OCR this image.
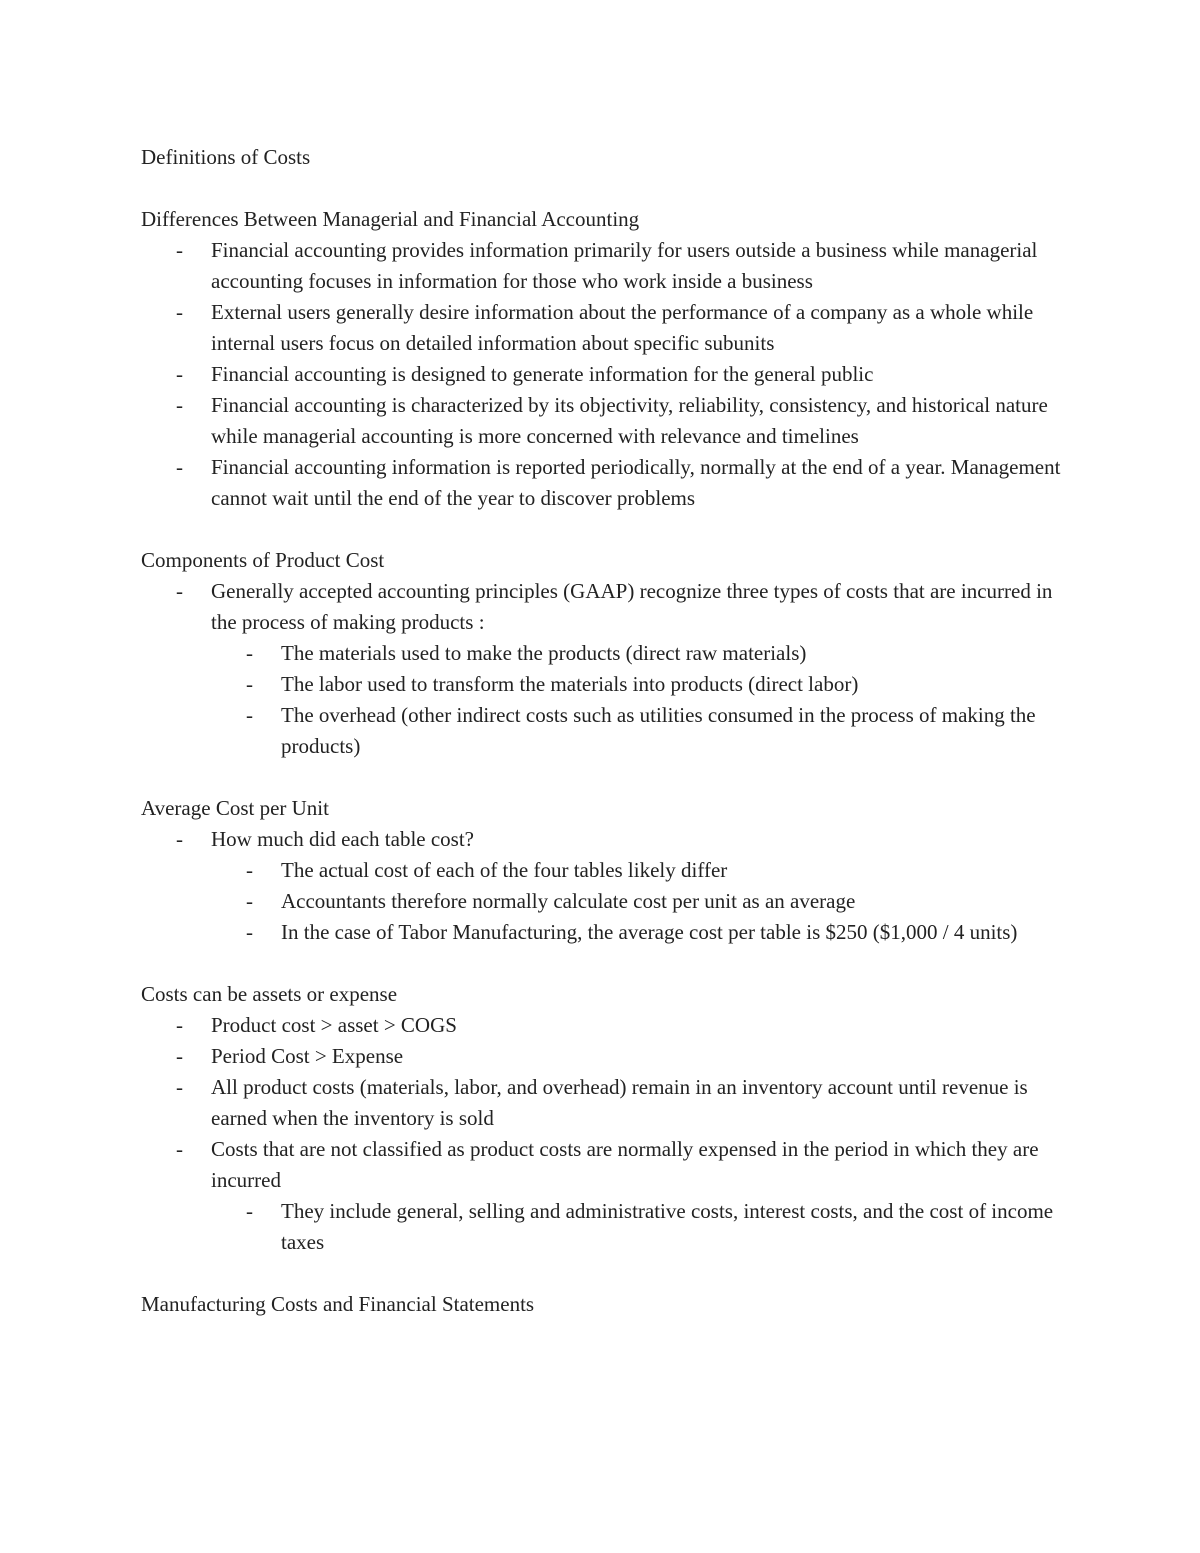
Definitions of Costs
Differences Between Managerial and Financial Accounting
- Financial accounting provides information primarily for users outside a business while managerial accounting focuses in information for those who work inside a business
- External users generally desire information about the performance of a company as a whole while internal users focus on detailed information about specific subunits
- Financial accounting is designed to generate information for the general public
- Financial accounting is characterized by its objectivity, reliability, consistency, and historical nature while managerial accounting is more concerned with relevance and timelines
- Financial accounting information is reported periodically, normally at the end of a year. Management cannot wait until the end of the year to discover problems
Components of Product Cost
- Generally accepted accounting principles (GAAP) recognize three types of costs that are incurred in the process of making products :
- The materials used to make the products (direct raw materials)
- The labor used to transform the materials into products (direct labor)
- The overhead (other indirect costs such as utilities consumed in the process of making the products)
Average Cost per Unit
- How much did each table cost?
- The actual cost of each of the four tables likely differ
- Accountants therefore normally calculate cost per unit as an average
- In the case of Tabor Manufacturing, the average cost per table is $250 ($1,000 / 4 units)
Costs can be assets or expense
- Product cost > asset > COGS
- Period Cost > Expense
- All product costs (materials, labor, and overhead) remain in an inventory account until revenue is earned when the inventory is sold
- Costs that are not classified as product costs are normally expensed in the period in which they are incurred
- They include general, selling and administrative costs, interest costs, and the cost of income taxes
Manufacturing Costs and Financial Statements
